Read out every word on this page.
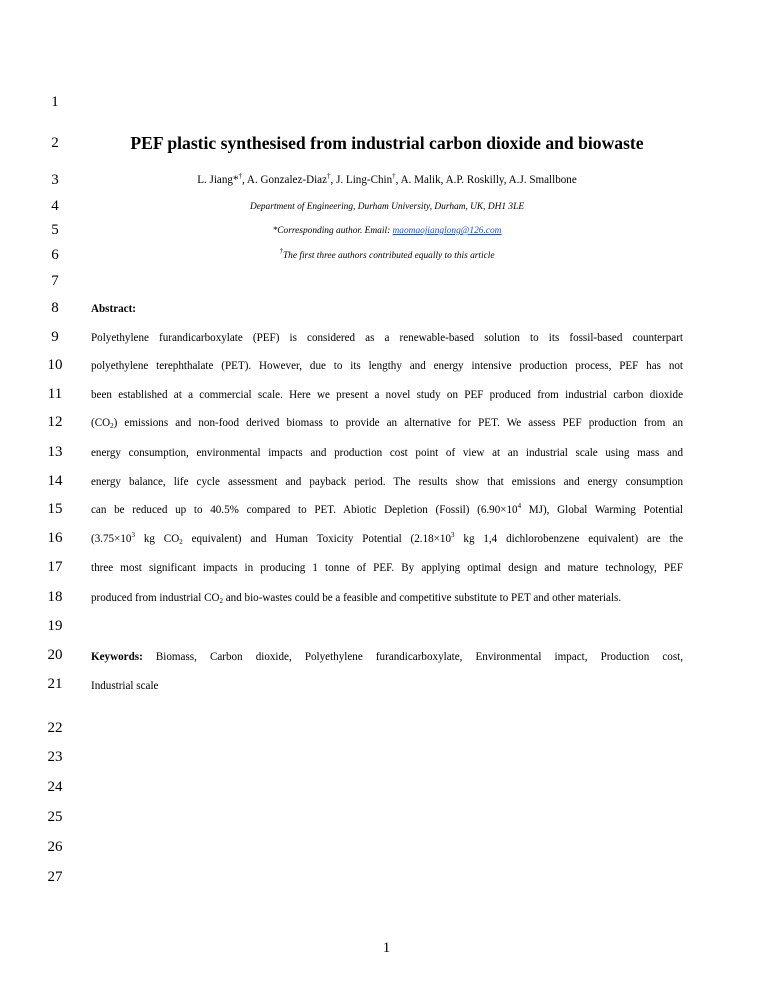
1
2
3
4
5
6
7
8
9
10
11
12
13
14
15
16
17
18
19
20
21
22
23
24
25
26
27
PEF plastic synthesised from industrial carbon dioxide and biowaste
L. Jiang*†, A. Gonzalez-Diaz†, J. Ling-Chin†, A. Malik, A.P. Roskilly, A.J. Smallbone
Department of Engineering, Durham University, Durham, UK, DH1 3LE
*Corresponding author. Email: maomaojianglong@126.com
†The first three authors contributed equally to this article
Abstract:
Polyethylene furandicarboxylate (PEF) is considered as a renewable-based solution to its fossil-based counterpart
polyethylene terephthalate (PET). However, due to its lengthy and energy intensive production process, PEF has not
been established at a commercial scale. Here we present a novel study on PEF produced from industrial carbon dioxide
$(CO_2)$ emissions and non-food derived biomass to provide an alternative for PET. We assess PEF production from an
energy consumption, environmental impacts and production cost point of view at an industrial scale using mass and
energy balance, life cycle assessment and payback period. The results show that emissions and energy consumption
can be reduced up to 40.5% compared to PET. Abiotic Depletion (Fossil) ($6.90\times 10^4$ MJ), Global Warming Potential
($3.75\times 10^3$ kg $CO_2$ equivalent) and Human Toxicity Potential ($2.18\times 10^3$ kg 1,4 dichlorobenzene equivalent) are the
three most significant impacts in producing 1 tonne of PEF. By applying optimal design and mature technology, PEF
produced from industrial $CO_2$ and bio-wastes could be a feasible and competitive substitute to PET and other materials.
Keywords: Biomass, Carbon dioxide, Polyethylene furandicarboxylate, Environmental impact, Production cost,
Industrial scale
1
